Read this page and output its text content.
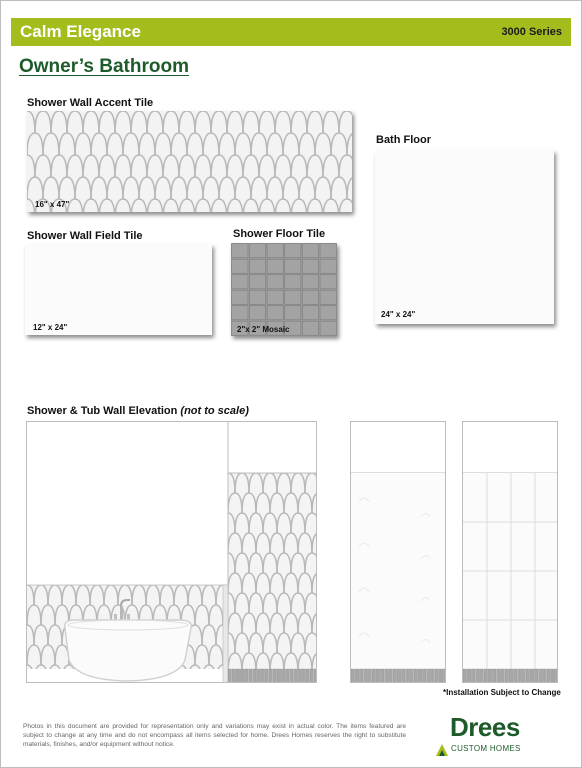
Calm Elegance	3000 Series
Owner’s Bathroom
Shower Wall Accent Tile
16" x 47"
Shower Wall Field Tile
12" x 24"
Shower Floor Tile
2"x 2" Mosaic
Bath Floor
24" x 24"
Shower & Tub Wall Elevation (not to scale)
*Installation Subject to Change
Photos in this document are provided for representation only and variations may exist in actual color. The items featured are subject to change at any time and do not encompass all items selected for home. Drees Homes reserves the right to substitute materials, finishes, and/or equipment without notice.
Drees
CUSTOM HOMES
